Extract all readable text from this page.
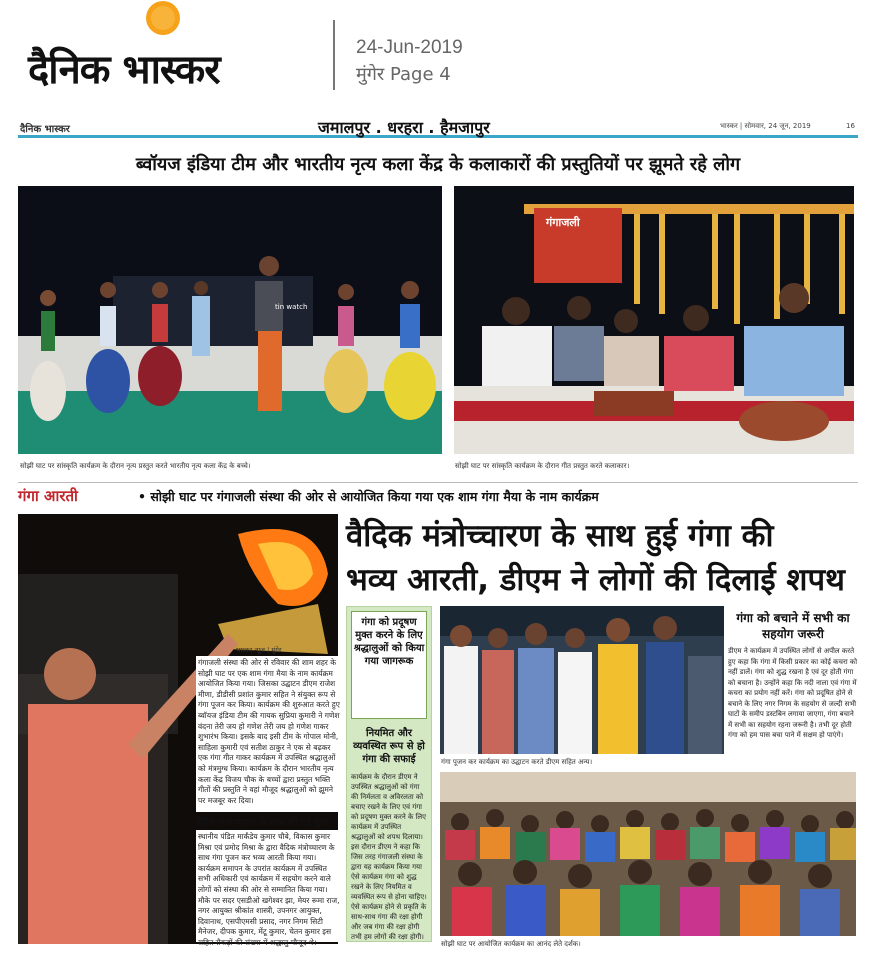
दैनिक भास्कर	24-Jun-2019
मुंगेर Page 4
दैनिक भास्कर	जमालपुर . धरहरा . हैमजापुर	भास्कर | सोमवार, 24 जून, 2019	16
ब्वॉयज इंडिया टीम और भारतीय नृत्य कला केंद्र के कलाकारों की प्रस्तुतियों पर झूमते रहे लोग
tin watch
सोझी घाट पर सांस्कृति कार्यक्रम के दौरान नृत्य प्रस्तुत करते भारतीय नृत्य कला केंद्र के बच्चे।
गंगाजली
सोझी घाट पर सांस्कृति कार्यक्रम के दौरान गीत प्रस्तुत करते कलाकार।
गंगा आरती	• सोझी घाट पर गंगाजली संस्था की ओर से आयोजित किया गया एक शाम गंगा मैया के नाम कार्यक्रम
वैदिक मंत्रोच्चारण के साथ हुई गंगा की
भव्य आरती, डीएम ने लोगों की दिलाई शपथ
भास्कर न्यूज | मुंगेर
गंगाजली संस्था की ओर से रविवार की शाम शहर के सोझी घाट पर एक शाम गंगा मैया के नाम कार्यक्रम आयोजित किया गया। जिसका उद्घाटन डीएम राजेश मीणा, डीडीसी प्रशांत कुमार सहित ने संयुक्त रूप से गंगा पूजन कर किया। कार्यक्रम की शुरुआत करते हुए ब्वॉयज इंडिया टीम की गायक सुप्रिया कुमारी ने गणेश वंदना तेरी जय हो गणेश तेरी जय हो गणेश गाकर शुभारंभ किया। इसके बाद इसी टीम के गोपाल मोनी, साहिला कुमारी एवं सतीश ठाकुर ने एक से बढ़कर एक गंगा गीत गाकर कार्यक्रम में उपस्थित श्रद्धालुओं को मंत्रमुग्ध किया। कार्यक्रम के दौरान भारतीय नृत्य कला केंद्र विजय चौक के बच्चों द्वारा प्रस्तुत भक्ति गीतों की प्रस्तुति ने वहां मौजूद श्रद्धालुओं को झूमने पर मजबूर कर दिया।
वैदिक मंत्रोच्चारण के साथ की गई पूजा
स्थानीय पंडित मार्कंडेय कुमार चौबे, विकास कुमार मिश्रा एवं प्रमोद मिश्रा के द्वारा वैदिक मंत्रोच्चारण के साथ गंगा पूजन कर भव्य आरती किया गया। कार्यक्रम समापन के उपरांत कार्यक्रम में उपस्थित सभी अधिकारी एवं कार्यक्रम में सहयोग करने वाले लोगों को संस्था की ओर से सम्मानित किया गया। मौके पर सदर एसडीओ खगेश्वर झा, मेयर रूमा राज, नगर आयुक्त श्रीकांत शास्त्री, उपनगर आयुक्त, दिवानाथ, एसपीएमसी प्रसाद, नगर निगम सिटी मैनेजर, दीपक कुमार, मेंटू कुमार, चेतन कुमार इस सहित सैकड़ों की संख्या में श्रद्धालु मौजूद थे।
गंगा को प्रदूषण मुक्त करने के लिए श्रद्धालुओं को किया गया जागरूक
नियमित और व्यवस्थित रूप से हो गंगा की सफाई
कार्यक्रम के दौरान डीएम ने उपस्थित श्रद्धालुओं को गंगा की निर्मलता व अविरलता को बचाए रखने के लिए एवं गंगा को प्रदूषण मुक्त करने के लिए कार्यक्रम में उपस्थित श्रद्धालुओं को शपथ दिलाया। इस दौरान डीएम ने कहा कि जिस तरह गंगाजली संस्था के द्वारा यह कार्यक्रम किया गया ऐसे कार्यक्रम गंगा को शुद्ध रखने के लिए नियमित व व्यवस्थित रूप से होना चाहिए। ऐसे कार्यक्रम होने से प्रकृति के साथ-साथ गंगा की रक्षा होगी और जब गंगा की रक्षा होगी तभी हम लोगों की रक्षा होगी।
गंगा पूजन कर कार्यक्रम का उद्घाटन करते डीएम सहित अन्य।
गंगा को बचाने में सभी का सहयोग जरूरी
डीएम ने कार्यक्रम में उपस्थित लोगों से अपील करते हुए कहा कि गंगा में किसी प्रकार का कोई कचरा को नहीं डालें। गंगा को शुद्ध रखना है एवं दूर होती गंगा को बचाना है। उन्होंने कहा कि नदी नाला एवं गंगा में कचरा का प्रयोग नहीं करें। गंगा को प्रदूषित होने से बचाने के लिए नगर निगम के सहयोग से जल्दी सभी घाटों के समीप डस्टबिन लगाया जाएगा, गंगा बचाने में सभी का सहयोग रहना जरूरी है। तभी दूर होती गंगा को हम पास बचा पाने में सक्षम हो पाएंगे।
सोझी घाट पर आयोजित कार्यक्रम का आनंद लेते दर्शक।
